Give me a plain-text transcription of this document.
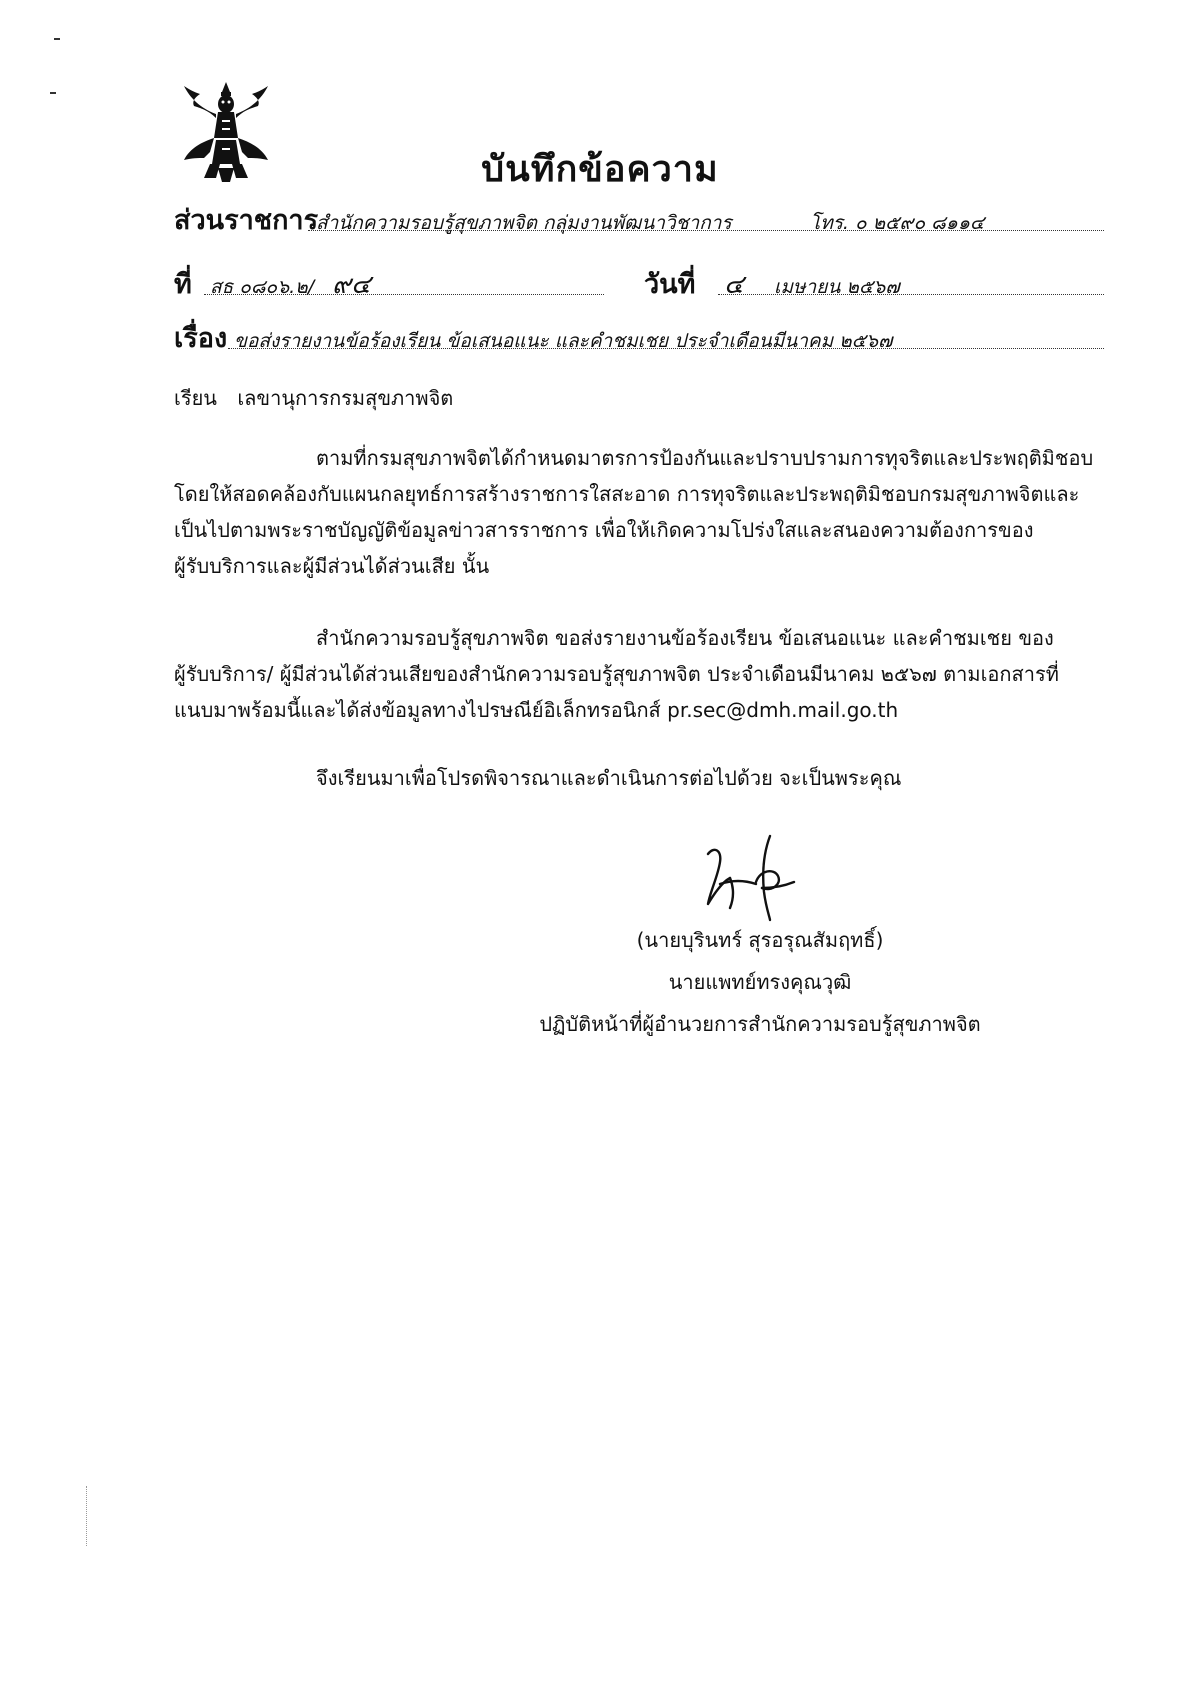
บันทึกข้อความ
ส่วนราชการ
สำนักความรอบรู้สุขภาพจิต กลุ่มงานพัฒนาวิชาการ	โทร. ๐ ๒๕๙๐ ๘๑๑๔
ที่ สธ ๐๘๐๖.๒/ ๙๔	วันที่ ๔ เมษายน ๒๕๖๗
เรื่อง ขอส่งรายงานข้อร้องเรียน ข้อเสนอแนะ และคำชมเชย ประจำเดือนมีนาคม ๒๕๖๗
เรียน เลขานุการกรมสุขภาพจิต
ตามที่กรมสุขภาพจิตได้กำหนดมาตรการป้องกันและปราบปรามการทุจริตและประพฤติมิชอบ
โดยให้สอดคล้องกับแผนกลยุทธ์การสร้างราชการใสสะอาด การทุจริตและประพฤติมิชอบกรมสุขภาพจิตและ
เป็นไปตามพระราชบัญญัติข้อมูลข่าวสารราชการ เพื่อให้เกิดความโปร่งใสและสนองความต้องการของ
ผู้รับบริการและผู้มีส่วนได้ส่วนเสีย นั้น
สำนักความรอบรู้สุขภาพจิต ขอส่งรายงานข้อร้องเรียน ข้อเสนอแนะ และคำชมเชย ของ
ผู้รับบริการ/ ผู้มีส่วนได้ส่วนเสียของสำนักความรอบรู้สุขภาพจิต ประจำเดือนมีนาคม ๒๕๖๗ ตามเอกสารที่
แนบมาพร้อมนี้และได้ส่งข้อมูลทางไปรษณีย์อิเล็กทรอนิกส์ pr.sec@dmh.mail.go.th
จึงเรียนมาเพื่อโปรดพิจารณาและดำเนินการต่อไปด้วย จะเป็นพระคุณ
(นายบุรินทร์ สุรอรุณสัมฤทธิ์)
นายแพทย์ทรงคุณวุฒิ
ปฏิบัติหน้าที่ผู้อำนวยการสำนักความรอบรู้สุขภาพจิต
